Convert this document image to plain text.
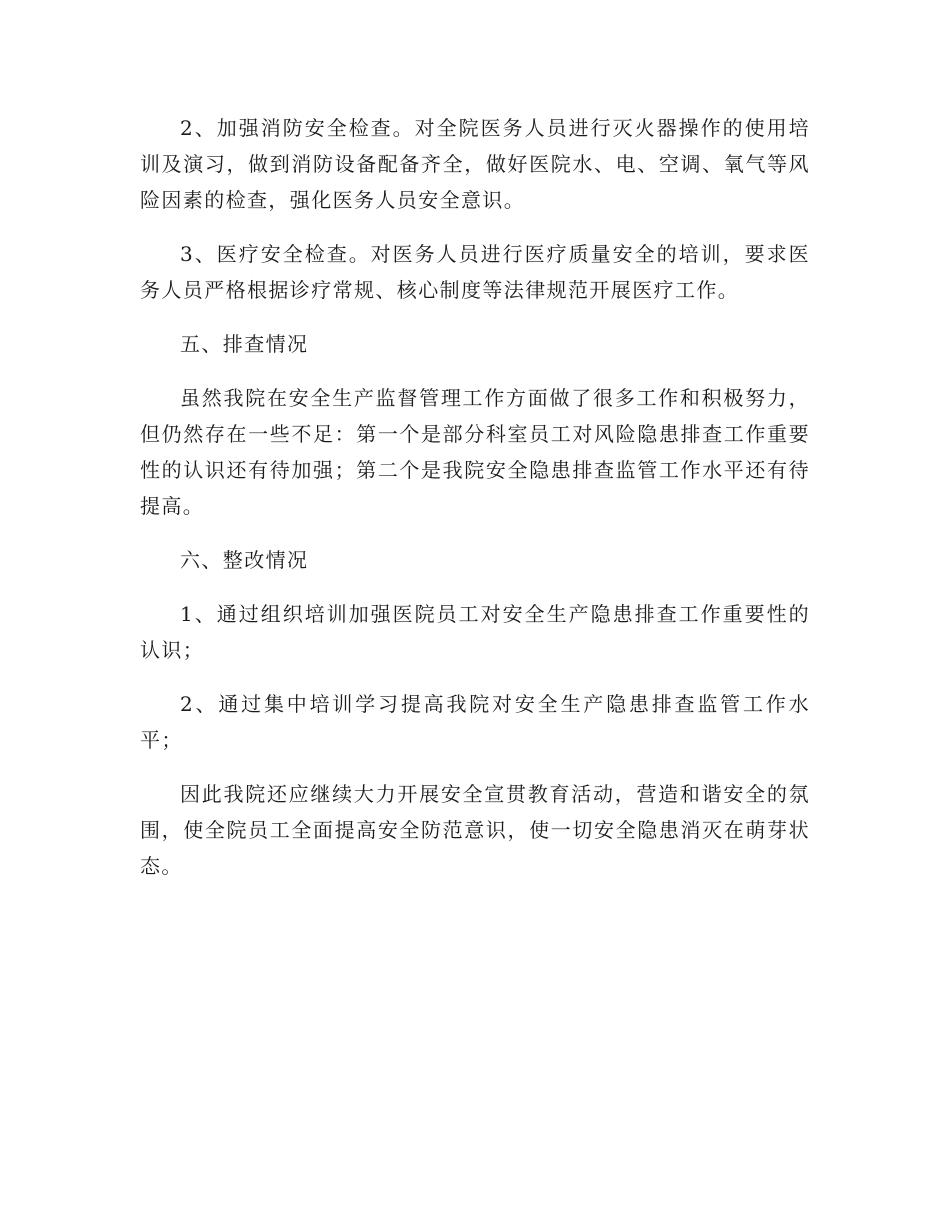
2、加强消防安全检查。对全院医务人员进行灭火器操作的使用培训及演习，做到消防设备配备齐全，做好医院水、电、空调、氧气等风险因素的检查，强化医务人员安全意识。

3、医疗安全检查。对医务人员进行医疗质量安全的培训，要求医务人员严格根据诊疗常规、核心制度等法律规范开展医疗工作。

五、排查情况

虽然我院在安全生产监督管理工作方面做了很多工作和积极努力，但仍然存在一些不足：第一个是部分科室员工对风险隐患排查工作重要性的认识还有待加强；第二个是我院安全隐患排查监管工作水平还有待提高。

六、整改情况

1、通过组织培训加强医院员工对安全生产隐患排查工作重要性的认识；

2、通过集中培训学习提高我院对安全生产隐患排查监管工作水平；

因此我院还应继续大力开展安全宣贯教育活动，营造和谐安全的氛围，使全院员工全面提高安全防范意识，使一切安全隐患消灭在萌芽状态。
